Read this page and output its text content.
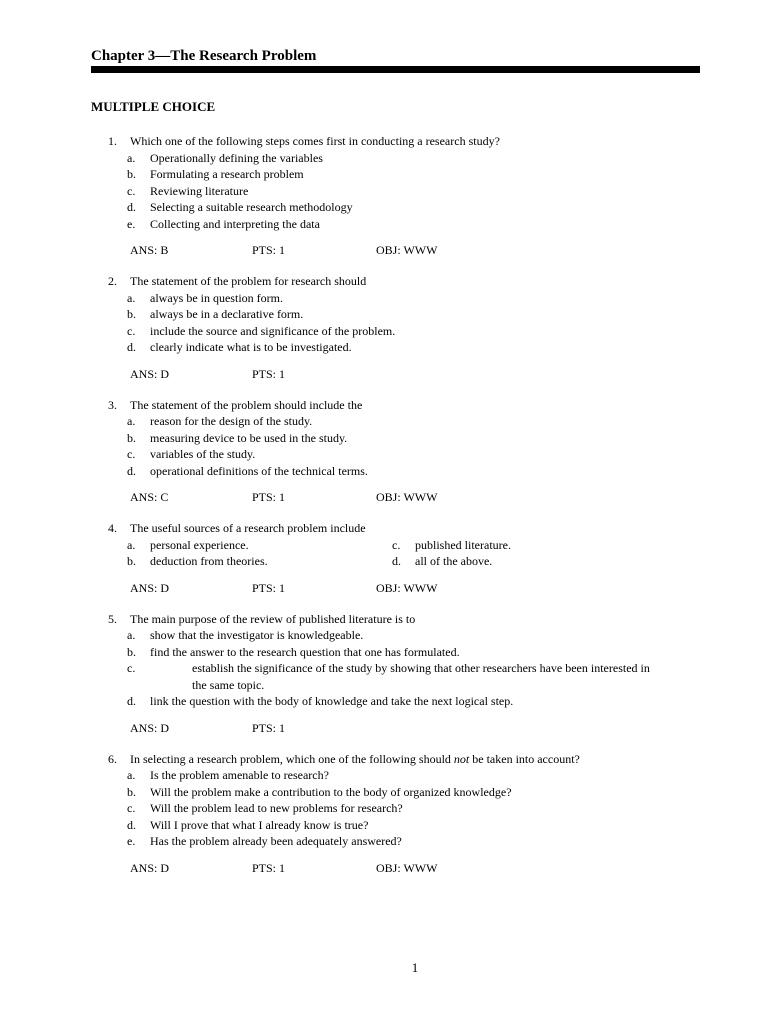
Chapter 3—The Research Problem
MULTIPLE CHOICE
1.	Which one of the following steps comes first in conducting a research study?
a.	Operationally defining the variables
b.	Formulating a research problem
c.	Reviewing literature
d.	Selecting a suitable research methodology
e.	Collecting and interpreting the data
ANS: B	PTS: 1	OBJ: WWW
2.	The statement of the problem for research should
a.	always be in question form.
b.	always be in a declarative form.
c.	include the source and significance of the problem.
d.	clearly indicate what is to be investigated.
ANS: D	PTS: 1
3.	The statement of the problem should include the
a.	reason for the design of the study.
b.	measuring device to be used in the study.
c.	variables of the study.
d.	operational definitions of the technical terms.
ANS: C	PTS: 1	OBJ: WWW
4.	The useful sources of a research problem include
a. personal experience.	c. published literature.
b. deduction from theories.	d. all of the above.
ANS: D	PTS: 1	OBJ: WWW
5.	The main purpose of the review of published literature is to
a.	show that the investigator is knowledgeable.
b.	find the answer to the research question that one has formulated.
c.	establish the significance of the study by showing that other researchers have been interested in the same topic.
d.	link the question with the body of knowledge and take the next logical step.
ANS: D	PTS: 1
6.	In selecting a research problem, which one of the following should not be taken into account?
a.	Is the problem amenable to research?
b.	Will the problem make a contribution to the body of organized knowledge?
c.	Will the problem lead to new problems for research?
d.	Will I prove that what I already know is true?
e.	Has the problem already been adequately answered?
ANS: D	PTS: 1	OBJ: WWW
1
